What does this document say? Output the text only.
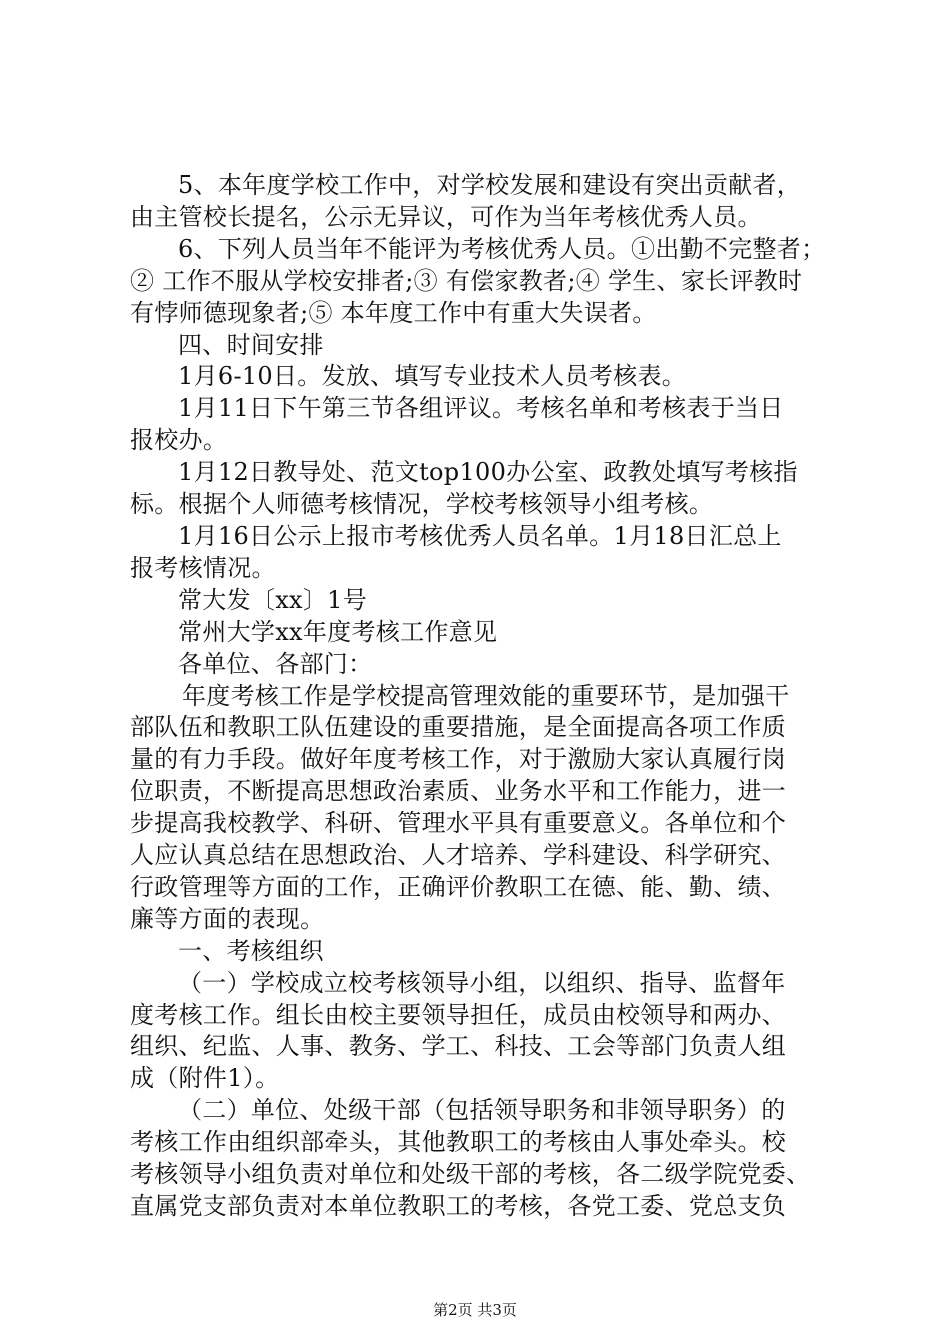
5、本年度学校工作中，对学校发展和建设有突出贡献者，
由主管校长提名，公示无异议，可作为当年考核优秀人员。
6、下列人员当年不能评为考核优秀人员。①出勤不完整者；
② 工作不服从学校安排者;③ 有偿家教者;④ 学生、家长评教时
有悖师德现象者;⑤ 本年度工作中有重大失误者。
四、时间安排
1月6-10日。发放、填写专业技术人员考核表。
1月11日下午第三节各组评议。考核名单和考核表于当日
报校办。
1月12日教导处、范文top100办公室、政教处填写考核指
标。根据个人师德考核情况，学校考核领导小组考核。
1月16日公示上报市考核优秀人员名单。1月18日汇总上
报考核情况。
常大发〔xx〕1号
常州大学xx年度考核工作意见
各单位、各部门：
年度考核工作是学校提高管理效能的重要环节，是加强干
部队伍和教职工队伍建设的重要措施，是全面提高各项工作质
量的有力手段。做好年度考核工作，对于激励大家认真履行岗
位职责，不断提高思想政治素质、业务水平和工作能力，进一
步提高我校教学、科研、管理水平具有重要意义。各单位和个
人应认真总结在思想政治、人才培养、学科建设、科学研究、
行政管理等方面的工作，正确评价教职工在德、能、勤、绩、
廉等方面的表现。
一、考核组织
（一）学校成立校考核领导小组，以组织、指导、监督年
度考核工作。组长由校主要领导担任，成员由校领导和两办、
组织、纪监、人事、教务、学工、科技、工会等部门负责人组
成（附件1）。
（二）单位、处级干部（包括领导职务和非领导职务）的
考核工作由组织部牵头，其他教职工的考核由人事处牵头。校
考核领导小组负责对单位和处级干部的考核，各二级学院党委、
直属党支部负责对本单位教职工的考核，各党工委、党总支负
第2页 共3页
